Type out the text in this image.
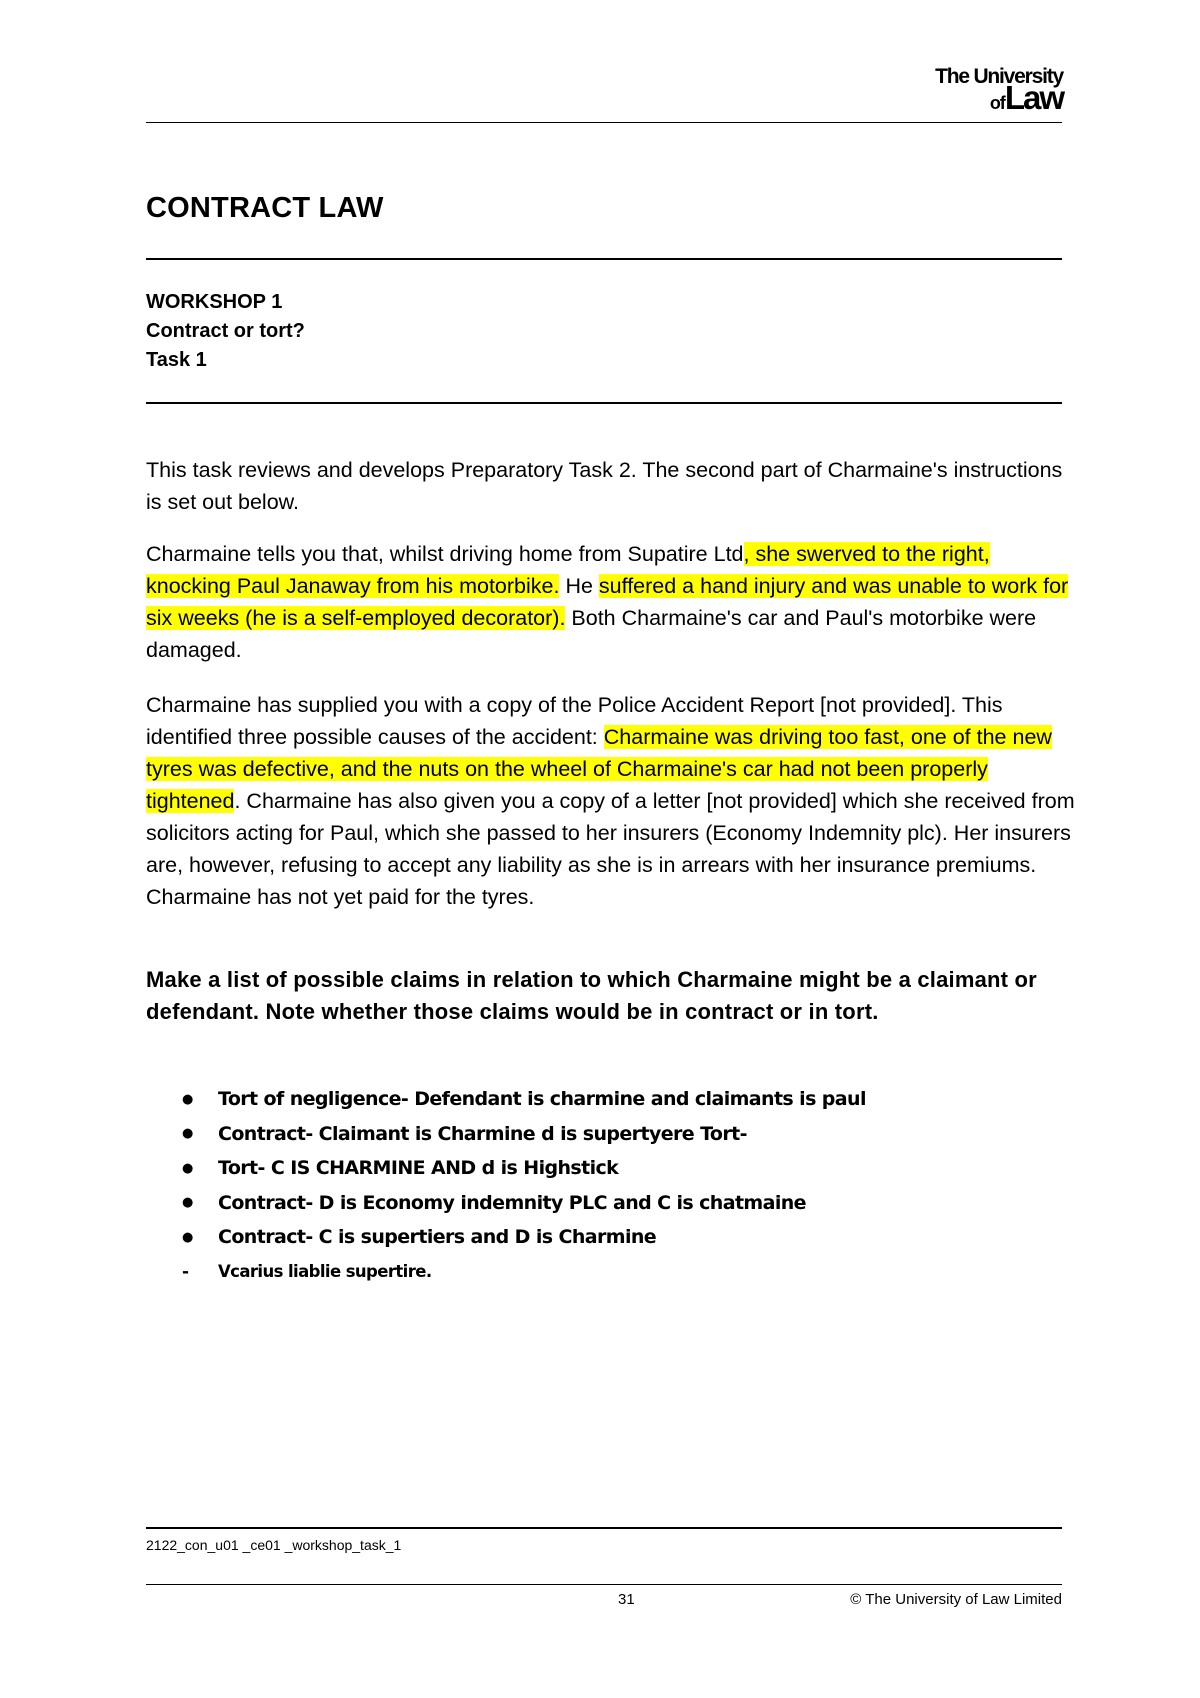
The University
ofLaw
CONTRACT LAW
WORKSHOP 1
Contract or tort?
Task 1

This task reviews and develops Preparatory Task 2. The second part of Charmaine's instructions is set out below.

Charmaine tells you that, whilst driving home from Supatire Ltd, she swerved to the right, knocking Paul Janaway from his motorbike. He suffered a hand injury and was unable to work for six weeks (he is a self-employed decorator). Both Charmaine's car and Paul's motorbike were damaged.

Charmaine has supplied you with a copy of the Police Accident Report [not provided]. This identified three possible causes of the accident: Charmaine was driving too fast, one of the new tyres was defective, and the nuts on the wheel of Charmaine's car had not been properly tightened. Charmaine has also given you a copy of a letter [not provided] which she received from solicitors acting for Paul, which she passed to her insurers (Economy Indemnity plc). Her insurers are, however, refusing to accept any liability as she is in arrears with her insurance premiums. Charmaine has not yet paid for the tyres.

Make a list of possible claims in relation to which Charmaine might be a claimant or defendant. Note whether those claims would be in contract or in tort.
●	Tort of negligence- Defendant is charmine and claimants is paul
●	Contract- Claimant is Charmine d is supertyere Tort-
●	Tort- C IS CHARMINE AND d is Highstick
●	Contract- D is Economy indemnity PLC and C is chatmaine
●	Contract- C is supertiers and D is Charmine
-	Vcarius liablie supertire.
2122_con_u01 _ce01 _workshop_task_1
31	© The University of Law Limited
